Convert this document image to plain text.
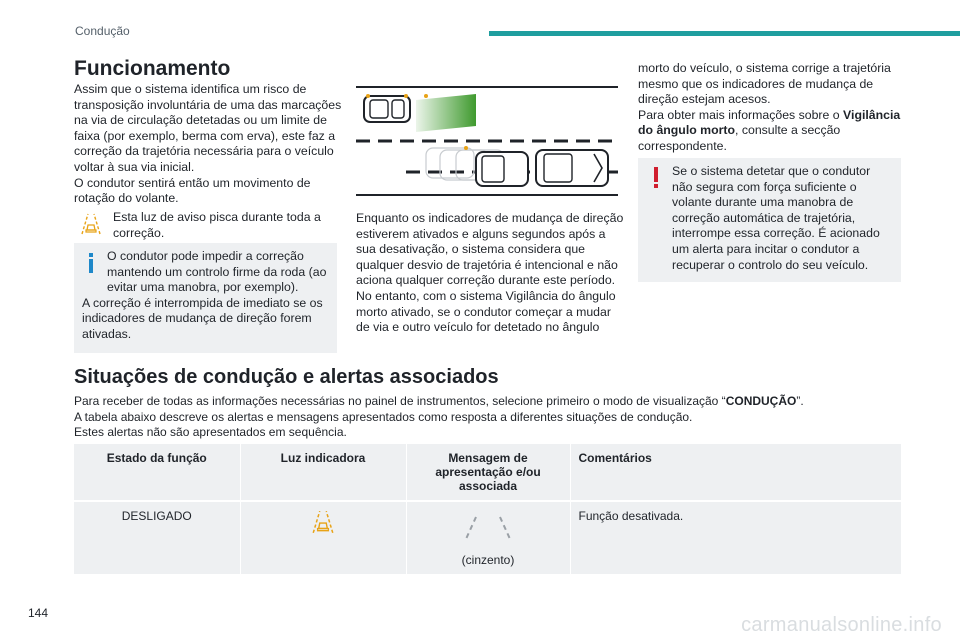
Condução
Funcionamento

Assim que o sistema identifica um risco de transposição involuntária de uma das marcações na via de circulação detetadas ou um limite de faixa (por exemplo, berma com erva), este faz a correção da trajetória necessária para o veículo voltar à sua via inicial.

O condutor sentirá então um movimento de rotação do volante.

Esta luz de aviso pisca durante toda a correção.

O condutor pode impedir a correção mantendo um controlo firme da roda (ao evitar uma manobra, por exemplo).

A correção é interrompida de imediato se os indicadores de mudança de direção forem ativadas.

Enquanto os indicadores de mudança de direção estiverem ativados e alguns segundos após a sua desativação, o sistema considera que qualquer desvio de trajetória é intencional e não aciona qualquer correção durante este período. No entanto, com o sistema Vigilância do ângulo morto ativado, se o condutor começar a mudar de via e outro veículo for detetado no ângulo

morto do veículo, o sistema corrige a trajetória mesmo que os indicadores de mudança de direção estejam acesos.

Para obter mais informações sobre o Vigilância do ângulo morto, consulte a secção correspondente.

Se o sistema detetar que o condutor não segura com força suficiente o volante durante uma manobra de correção automática de trajetória, interrompe essa correção. É acionado um alerta para incitar o condutor a recuperar o controlo do seu veículo.

Situações de condução e alertas associados

Para receber de todas as informações necessárias no painel de instrumentos, selecione primeiro o modo de visualização “CONDUÇÃO”.

A tabela abaixo descreve os alertas e mensagens apresentados como resposta a diferentes situações de condução.

Estes alertas não são apresentados em sequência.

Estado da função	Luz indicadora	Mensagem de apresentação e/ou associada	Comentários
DESLIGADO		(cinzento)	Função desativada.
144
carmanualsonline.info
